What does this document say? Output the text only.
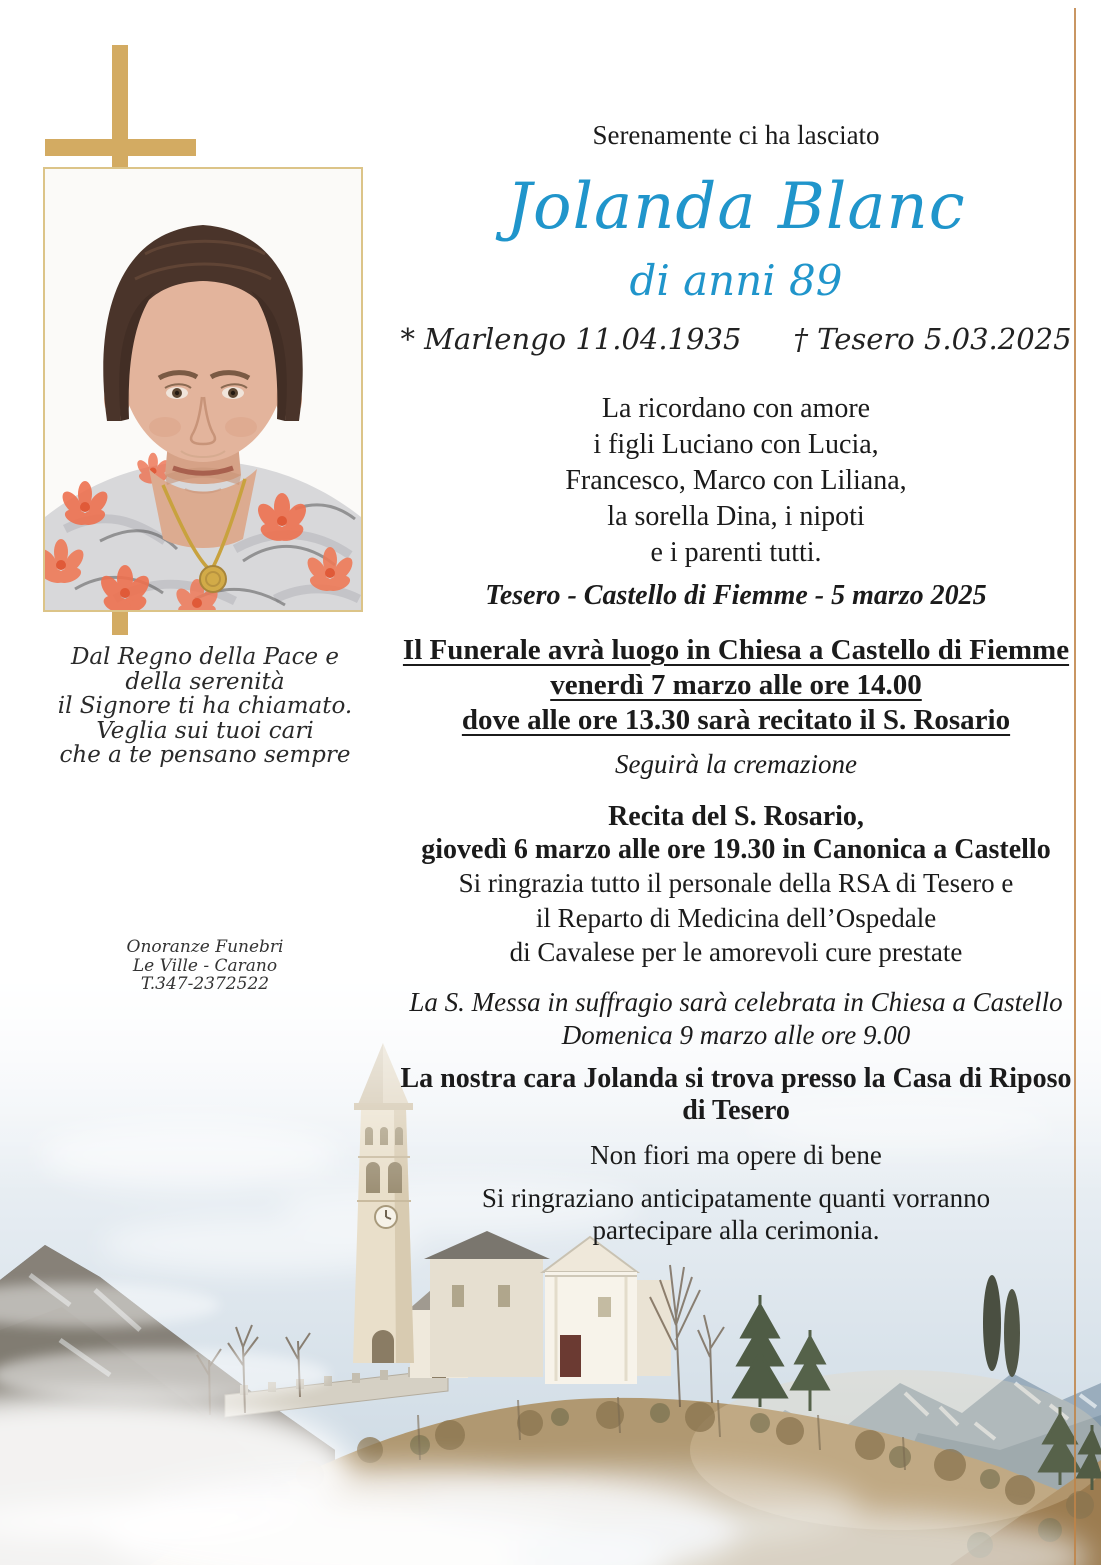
Dal Regno della Pace e
della serenità
il Signore ti ha chiamato.
Veglia sui tuoi cari
che a te pensano sempre
Onoranze Funebri
Le Ville - Carano
T.347-2372522
Serenamente ci ha lasciato
Jolanda Blanc
di anni 89
* Marlengo 11.04.1935 † Tesero 5.03.2025
La ricordano con amore
i figli Luciano con Lucia,
Francesco, Marco con Liliana,
la sorella Dina, i nipoti
e i parenti tutti.
Tesero - Castello di Fiemme - 5 marzo 2025
Il Funerale avrà luogo in Chiesa a Castello di Fiemme
venerdì 7 marzo alle ore 14.00
dove alle ore 13.30 sarà recitato il S. Rosario
Seguirà la cremazione
Recita del S. Rosario,
giovedì 6 marzo alle ore 19.30 in Canonica a Castello
Si ringrazia tutto il personale della RSA di Tesero e
il Reparto di Medicina dell’Ospedale
di Cavalese per le amorevoli cure prestate
La S. Messa in suffragio sarà celebrata in Chiesa a Castello
Domenica 9 marzo alle ore 9.00
La nostra cara Jolanda si trova presso la Casa di Riposo
di Tesero
Non fiori ma opere di bene
Si ringraziano anticipatamente quanti vorranno
partecipare alla cerimonia.
